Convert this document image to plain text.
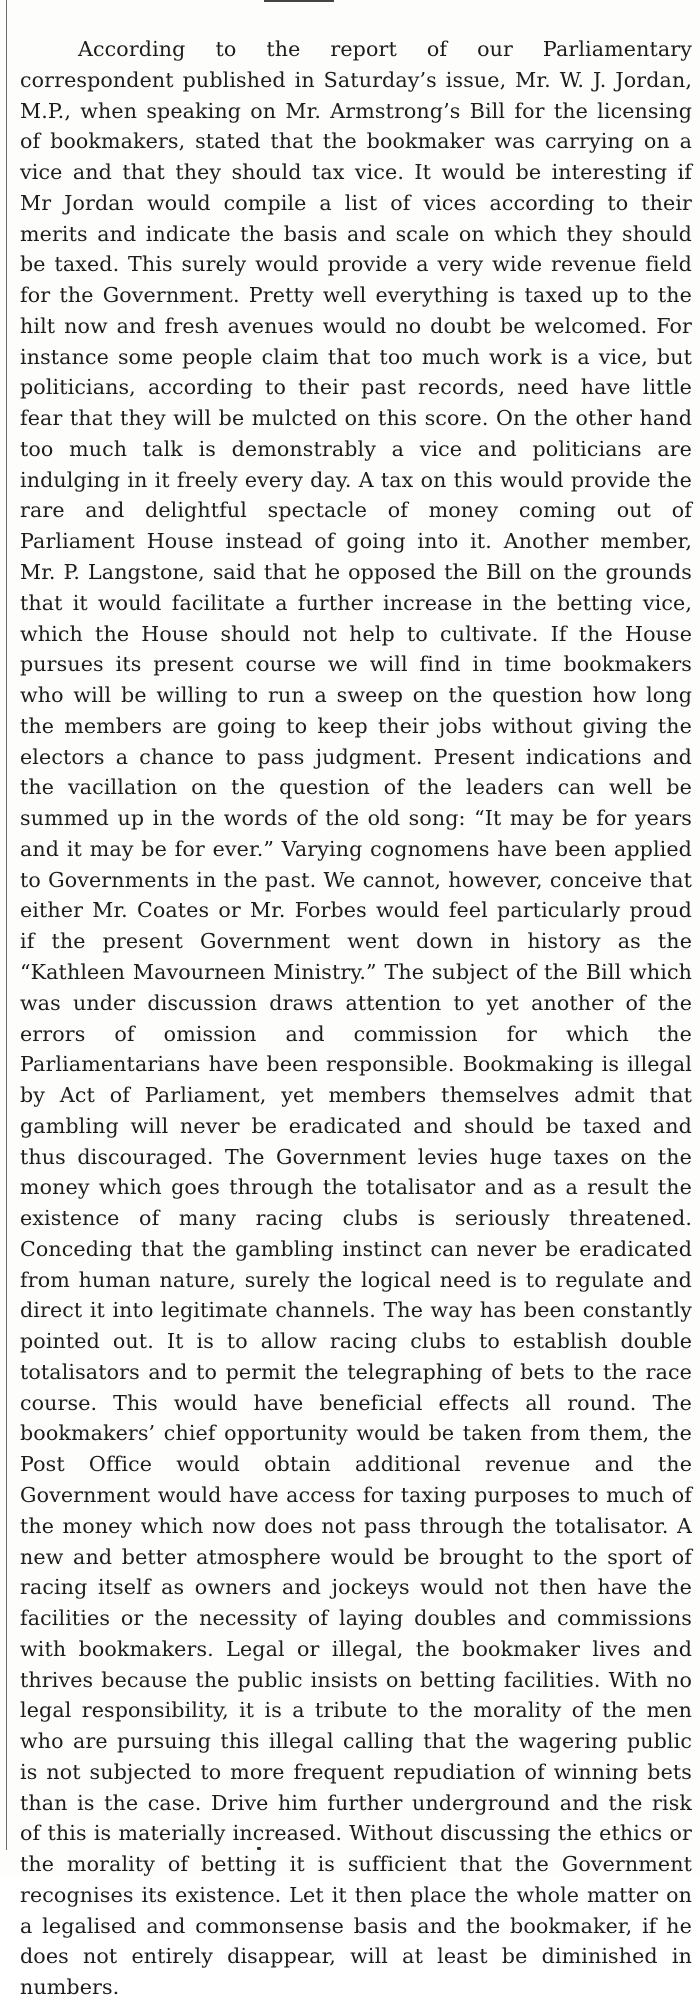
According to the report of our Parliamentary correspondent published in Saturday’s issue, Mr. W. J. Jordan, M.P., when speaking on Mr. Armstrong’s Bill for the licensing of bookmakers, stated that the bookmaker was carrying on a vice and that they should tax vice. It would be interesting if Mr Jordan would compile a list of vices according to their merits and indicate the basis and scale on which they should be taxed. This surely would provide a very wide revenue field for the Government. Pretty well everything is taxed up to the hilt now and fresh avenues would no doubt be welcomed. For instance some people claim that too much work is a vice, but politicians, according to their past records, need have little fear that they will be mulcted on this score. On the other hand too much talk is demonstrably a vice and politicians are indulging in it freely every day. A tax on this would provide the rare and delightful spectacle of money coming out of Parliament House instead of going into it. Another member, Mr. P. Langstone, said that he opposed the Bill on the grounds that it would facilitate a further increase in the betting vice, which the House should not help to cultivate. If the House pursues its present course we will find in time bookmakers who will be willing to run a sweep on the question how long the members are going to keep their jobs without giving the electors a chance to pass judgment. Present indications and the vacillation on the question of the leaders can well be summed up in the words of the old song: “It may be for years and it may be for ever.” Varying cognomens have been applied to Governments in the past. We cannot, however, conceive that either Mr. Coates or Mr. Forbes would feel particularly proud if the present Government went down in history as the “Kathleen Mavourneen Ministry.” The subject of the Bill which was under discussion draws attention to yet another of the errors of omission and commission for which the Parliamentarians have been responsible. Bookmaking is illegal by Act of Parliament, yet members themselves admit that gambling will never be eradicated and should be taxed and thus discouraged. The Government levies huge taxes on the money which goes through the totalisator and as a result the existence of many racing clubs is seriously threatened. Conceding that the gambling instinct can never be eradicated from human nature, surely the logical need is to regulate and direct it into legitimate channels. The way has been constantly pointed out. It is to allow racing clubs to establish double totalisators and to permit the telegraphing of bets to the race course. This would have beneficial effects all round. The bookmakers’ chief opportunity would be taken from them, the Post Office would obtain additional revenue and the Government would have access for taxing purposes to much of the money which now does not pass through the totalisator. A new and better atmosphere would be brought to the sport of racing itself as owners and jockeys would not then have the facilities or the necessity of laying doubles and commissions with bookmakers. Legal or illegal, the bookmaker lives and thrives because the public insists on betting facilities. With no legal responsibility, it is a tribute to the morality of the men who are pursuing this illegal calling that the wagering public is not subjected to more frequent repudiation of winning bets than is the case. Drive him further underground and the risk of this is materially increased. Without discussing the ethics or the morality of betting it is sufficient that the Government recognises its existence. Let it then place the whole matter on a legalised and commonsense basis and the bookmaker, if he does not entirely disappear, will at least be diminished in numbers.
